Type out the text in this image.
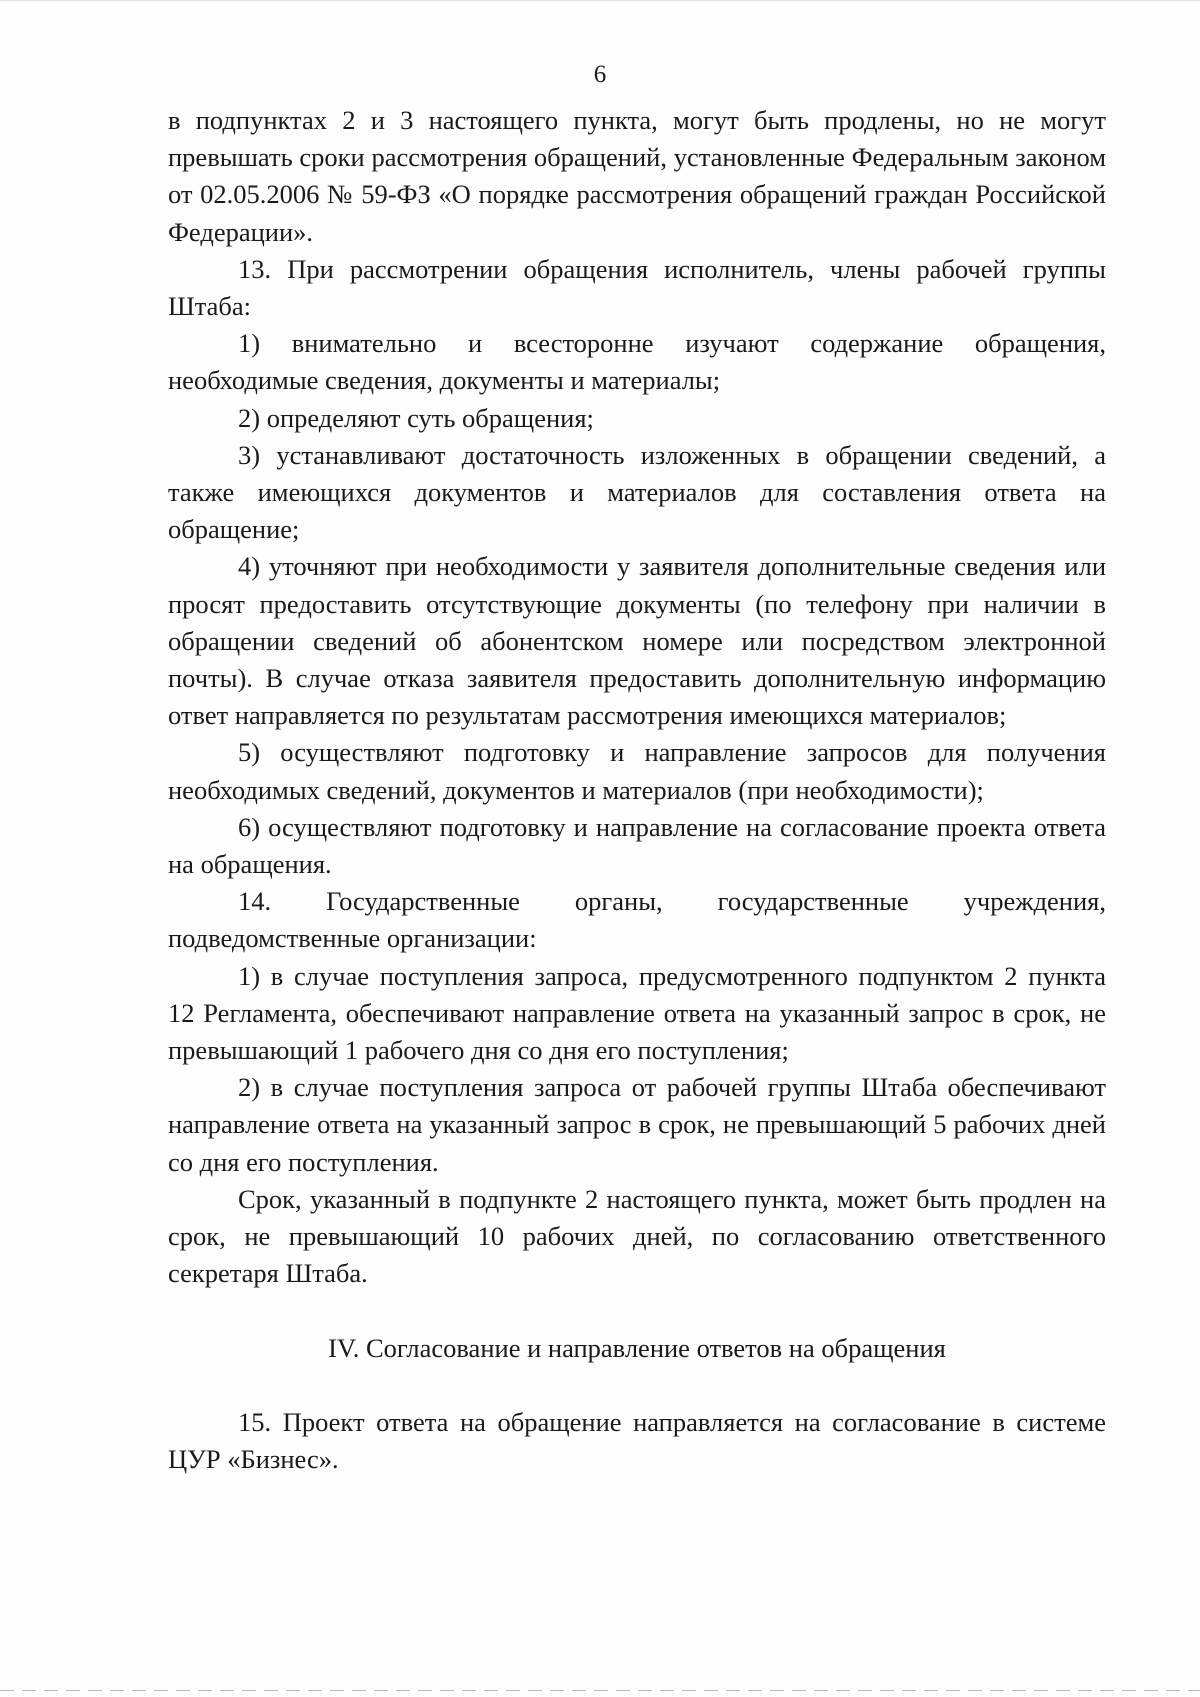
6

в подпунктах 2 и 3 настоящего пункта, могут быть продлены, но не могут превышать сроки рассмотрения обращений, установленные Федеральным законом от 02.05.2006 № 59-ФЗ «О порядке рассмотрения обращений граждан Российской Федерации».

13. При рассмотрении обращения исполнитель, члены рабочей группы Штаба:

1) внимательно и всесторонне изучают содержание обращения, необходимые сведения, документы и материалы;

2) определяют суть обращения;

3) устанавливают достаточность изложенных в обращении сведений, а также имеющихся документов и материалов для составления ответа на обращение;

4) уточняют при необходимости у заявителя дополнительные сведения или просят предоставить отсутствующие документы (по телефону при наличии в обращении сведений об абонентском номере или посредством электронной почты). В случае отказа заявителя предоставить дополнительную информацию ответ направляется по результатам рассмотрения имеющихся материалов;

5) осуществляют подготовку и направление запросов для получения необходимых сведений, документов и материалов (при необходимости);

6) осуществляют подготовку и направление на согласование проекта ответа на обращения.

14. Государственные органы, государственные учреждения, подведомственные организации:

1) в случае поступления запроса, предусмотренного подпунктом 2 пункта 12 Регламента, обеспечивают направление ответа на указанный запрос в срок, не превышающий 1 рабочего дня со дня его поступления;

2) в случае поступления запроса от рабочей группы Штаба обеспечивают направление ответа на указанный запрос в срок, не превышающий 5 рабочих дней со дня его поступления.

Срок, указанный в подпункте 2 настоящего пункта, может быть продлен на срок, не превышающий 10 рабочих дней, по согласованию ответственного секретаря Штаба.

IV. Согласование и направление ответов на обращения

15. Проект ответа на обращение направляется на согласование в системе ЦУР «Бизнес».
